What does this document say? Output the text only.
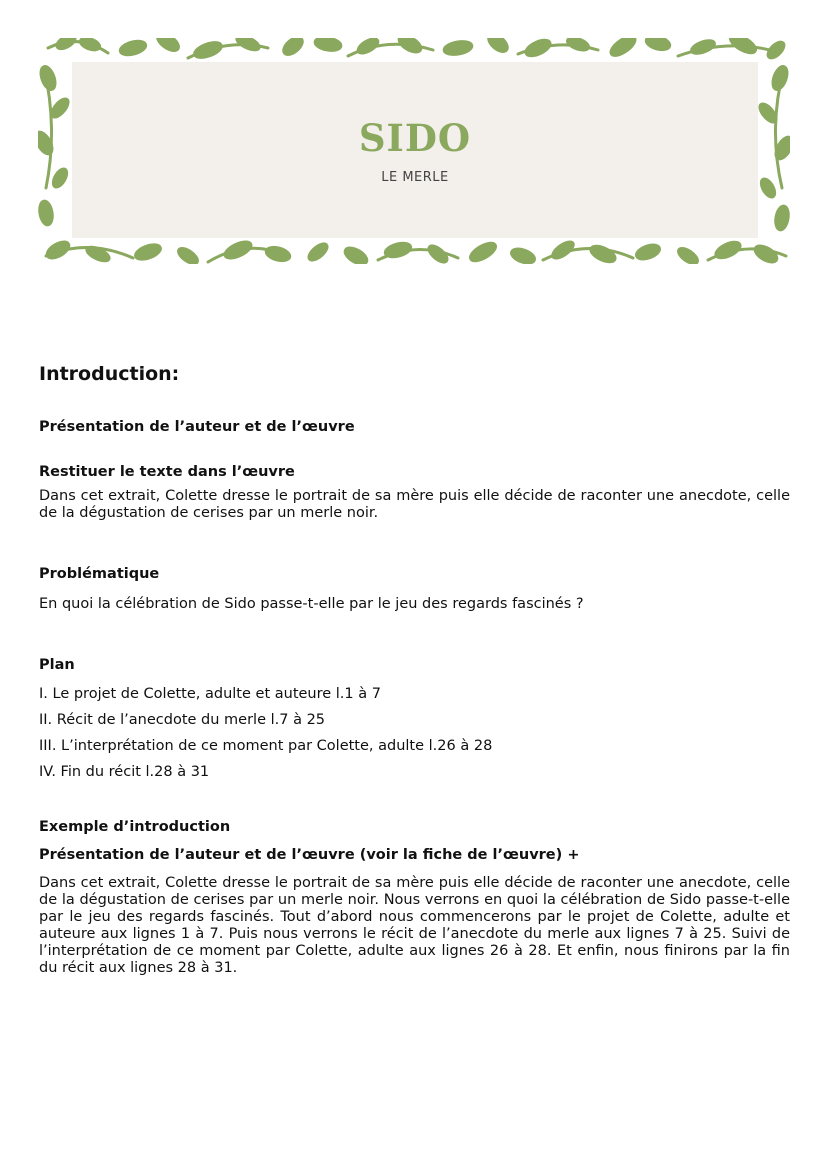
SIDO
LE MERLE
Introduction:
Présentation de l’auteur et de l’œuvre
Restituer le texte dans l’œuvre

Dans cet extrait, Colette dresse le portrait de sa mère puis elle décide de raconter une anecdote, celle de la dégustation de cerises par un merle noir.

Problématique

En quoi la célébration de Sido passe-t-elle par le jeu des regards fascinés ?

Plan
I. Le projet de Colette, adulte et auteure l.1 à 7
II. Récit de l’anecdote du merle l.7 à 25
III. L’interprétation de ce moment par Colette, adulte l.26 à 28
IV. Fin du récit l.28 à 31
Exemple d’introduction
Présentation de l’auteur et de l’œuvre (voir la fiche de l’œuvre) +

Dans cet extrait, Colette dresse le portrait de sa mère puis elle décide de raconter une anecdote, celle de la dégustation de cerises par un merle noir. Nous verrons en quoi la célébration de Sido passe-t-elle par le jeu des regards fascinés. Tout d’abord nous commencerons par le projet de Colette, adulte et auteure aux lignes 1 à 7. Puis nous verrons le récit de l’anecdote du merle aux lignes 7 à 25. Suivi de l’interprétation de ce moment par Colette, adulte aux lignes 26 à 28. Et enfin, nous finirons par la fin du récit aux lignes 28 à 31.
